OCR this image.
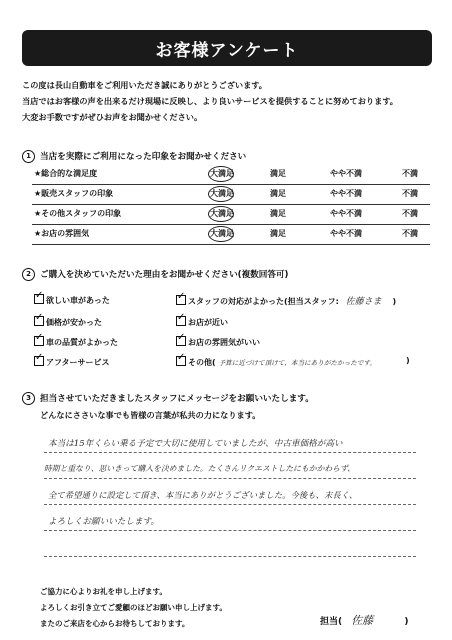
お客様アンケート
この度は長山自動車をご利用いただき誠にありがとうございます。
当店ではお客様の声を出来るだけ現場に反映し、より良いサービスを提供することに努めております。
大変お手数ですがぜひお声をお聞かせください。
1 当店を実際にご利用になった印象をお聞かせください
★総合的な満足度	大満足	満足	やや不満	不満
★販売スタッフの印象	大満足	満足	やや不満	不満
★その他スタッフの印象	大満足	満足	やや不満	不満
★お店の雰囲気	大満足	満足	やや不満	不満
2 ご購入を決めていただいた理由をお聞かせください(複数回答可)
✓ 欲しい車があった
✓ 価格が安かった
✓ 車の品質がよかった
✓ アフターサービス
✓ スタッフの対応がよかった(担当スタッフ: 佐藤さま )
✓ お店が近い
✓ お店の雰囲気がいい
✓ その他( 予算に近づけて頂けて、本当にありがたかったです。	)
3 担当させていただきましたスタッフにメッセージをお願いいたします。
どんなにささいな事でも皆様の言葉が私共の力になります。
本当は15年くらい乗る予定で大切に使用していましたが、中古車価格が高い
時期と重なり、思いきって購入を決めました。たくさんリクエストしたにもかかわらず、
全て希望通りに設定して頂き、本当にありがとうございました。今後も、末長く、
よろしくお願いいたします。
ご協力に心よりお礼を申し上げます。
よろしくお引き立てご愛顧のほどお願い申し上げます。
またのご来店を心からお待ちしております。	担当( 佐藤	)
